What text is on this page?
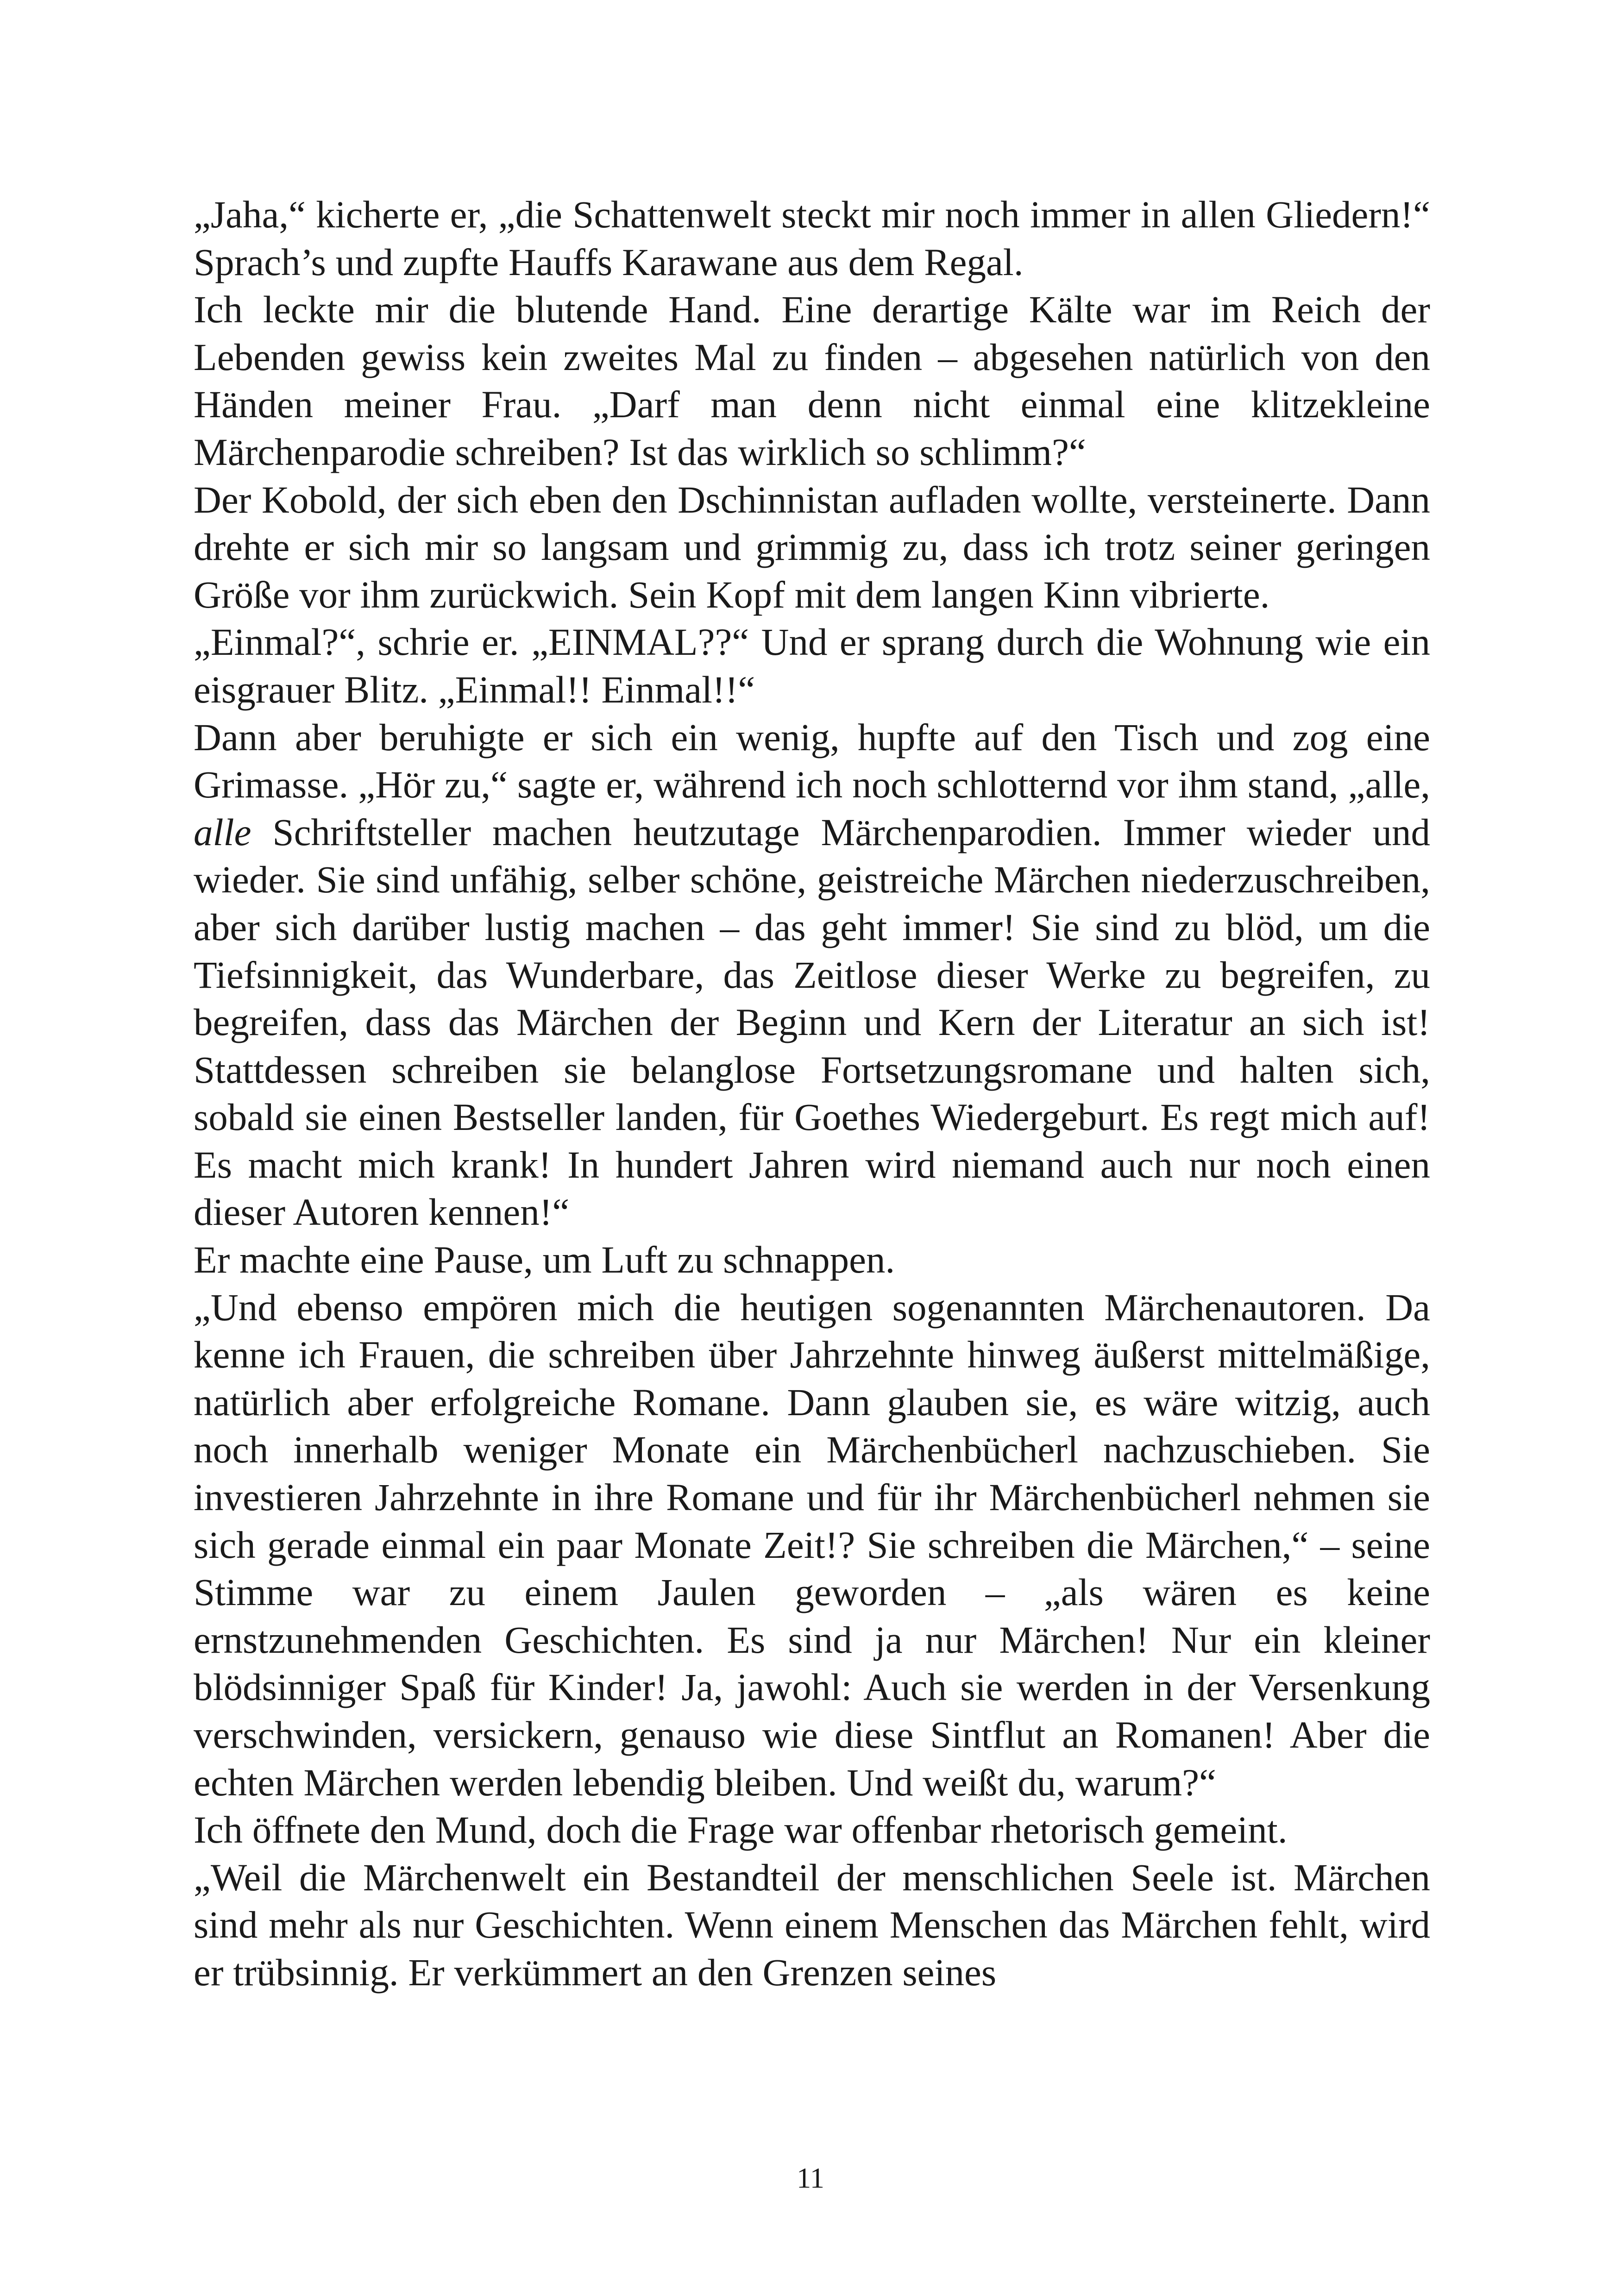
„Jaha,“ kicherte er, „die Schattenwelt steckt mir noch immer in allen Gliedern!“ Sprach’s und zupfte Hauffs Karawane aus dem Regal.

Ich leckte mir die blutende Hand. Eine derartige Kälte war im Reich der Lebenden gewiss kein zweites Mal zu finden – abgesehen natürlich von den Händen meiner Frau. „Darf man denn nicht einmal eine klitzekleine Märchenparodie schreiben? Ist das wirklich so schlimm?“

Der Kobold, der sich eben den Dschinnistan aufladen wollte, versteinerte. Dann drehte er sich mir so langsam und grimmig zu, dass ich trotz seiner geringen Größe vor ihm zurückwich. Sein Kopf mit dem langen Kinn vibrierte.

„Einmal?“, schrie er. „EINMAL??“ Und er sprang durch die Wohnung wie ein eisgrauer Blitz. „Einmal!! Einmal!!“

Dann aber beruhigte er sich ein wenig, hupfte auf den Tisch und zog eine Grimasse. „Hör zu,“ sagte er, während ich noch schlotternd vor ihm stand, „alle, alle Schriftsteller machen heutzutage Märchenparodien. Immer wieder und wieder. Sie sind unfähig, selber schöne, geistreiche Märchen niederzuschreiben, aber sich darüber lustig machen – das geht immer! Sie sind zu blöd, um die Tiefsinnigkeit, das Wunderbare, das Zeitlose dieser Werke zu begreifen, zu begreifen, dass das Märchen der Beginn und Kern der Literatur an sich ist! Stattdessen schreiben sie belanglose Fortsetzungsromane und halten sich, sobald sie einen Bestseller landen, für Goethes Wiedergeburt. Es regt mich auf! Es macht mich krank! In hundert Jahren wird niemand auch nur noch einen dieser Autoren kennen!“

Er machte eine Pause, um Luft zu schnappen.

„Und ebenso empören mich die heutigen sogenannten Märchenautoren. Da kenne ich Frauen, die schreiben über Jahrzehnte hinweg äußerst mittelmäßige, natürlich aber erfolgreiche Romane. Dann glauben sie, es wäre witzig, auch noch innerhalb weniger Monate ein Märchenbücherl nachzuschieben. Sie investieren Jahrzehnte in ihre Romane und für ihr Märchenbücherl nehmen sie sich gerade einmal ein paar Monate Zeit!? Sie schreiben die Märchen,“ – seine Stimme war zu einem Jaulen geworden – „als wären es keine ernstzunehmenden Geschichten. Es sind ja nur Märchen! Nur ein kleiner blödsinniger Spaß für Kinder! Ja, jawohl: Auch sie werden in der Versenkung verschwinden, versickern, genauso wie diese Sintflut an Romanen! Aber die echten Märchen werden lebendig bleiben. Und weißt du, warum?“

Ich öffnete den Mund, doch die Frage war offenbar rhetorisch gemeint.

„Weil die Märchenwelt ein Bestandteil der menschlichen Seele ist. Märchen sind mehr als nur Geschichten. Wenn einem Menschen das Märchen fehlt, wird er trübsinnig. Er verkümmert an den Grenzen seines

11
